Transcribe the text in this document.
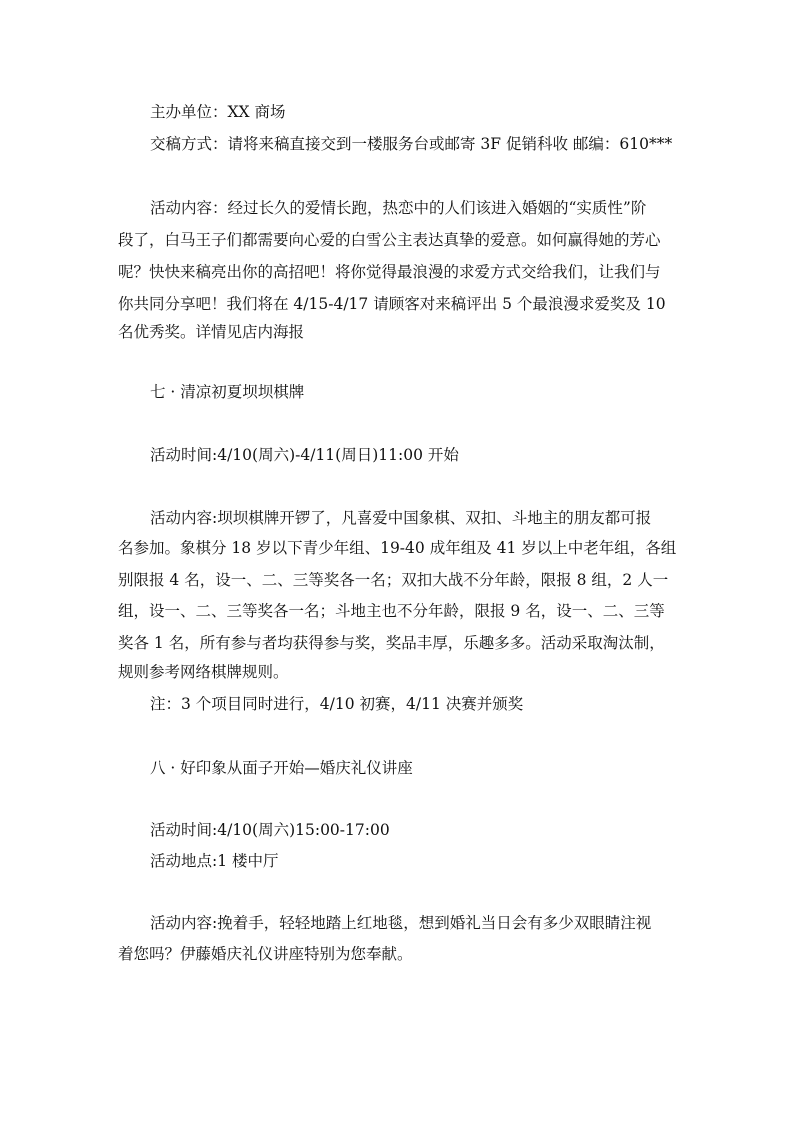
主办单位：XX 商场
交稿方式：请将来稿直接交到一楼服务台或邮寄 3F 促销科收 邮编：610***
活动内容：经过长久的爱情长跑，热恋中的人们该进入婚姻的“实质性”阶
段了，白马王子们都需要向心爱的白雪公主表达真挚的爱意。如何赢得她的芳心
呢？快快来稿亮出你的高招吧！将你觉得最浪漫的求爱方式交给我们，让我们与
你共同分享吧！我们将在 4/15-4/17 请顾客对来稿评出 5 个最浪漫求爱奖及 10
名优秀奖。详情见店内海报
七 · 清凉初夏坝坝棋牌
活动时间:4/10(周六)-4/11(周日)11:00 开始
活动内容:坝坝棋牌开锣了，凡喜爱中国象棋、双扣、斗地主的朋友都可报
名参加。象棋分 18 岁以下青少年组、19-40 成年组及 41 岁以上中老年组，各组
别限报 4 名，设一、二、三等奖各一名；双扣大战不分年龄，限报 8 组，2 人一
组，设一、二、三等奖各一名；斗地主也不分年龄，限报 9 名，设一、二、三等
奖各 1 名，所有参与者均获得参与奖，奖品丰厚，乐趣多多。活动采取淘汰制，
规则参考网络棋牌规则。
注：3 个项目同时进行，4/10 初赛，4/11 决赛并颁奖
八 · 好印象从面子开始—婚庆礼仪讲座
活动时间:4/10(周六)15:00-17:00
活动地点:1 楼中厅
活动内容:挽着手，轻轻地踏上红地毯，想到婚礼当日会有多少双眼睛注视
着您吗？伊藤婚庆礼仪讲座特别为您奉献。
